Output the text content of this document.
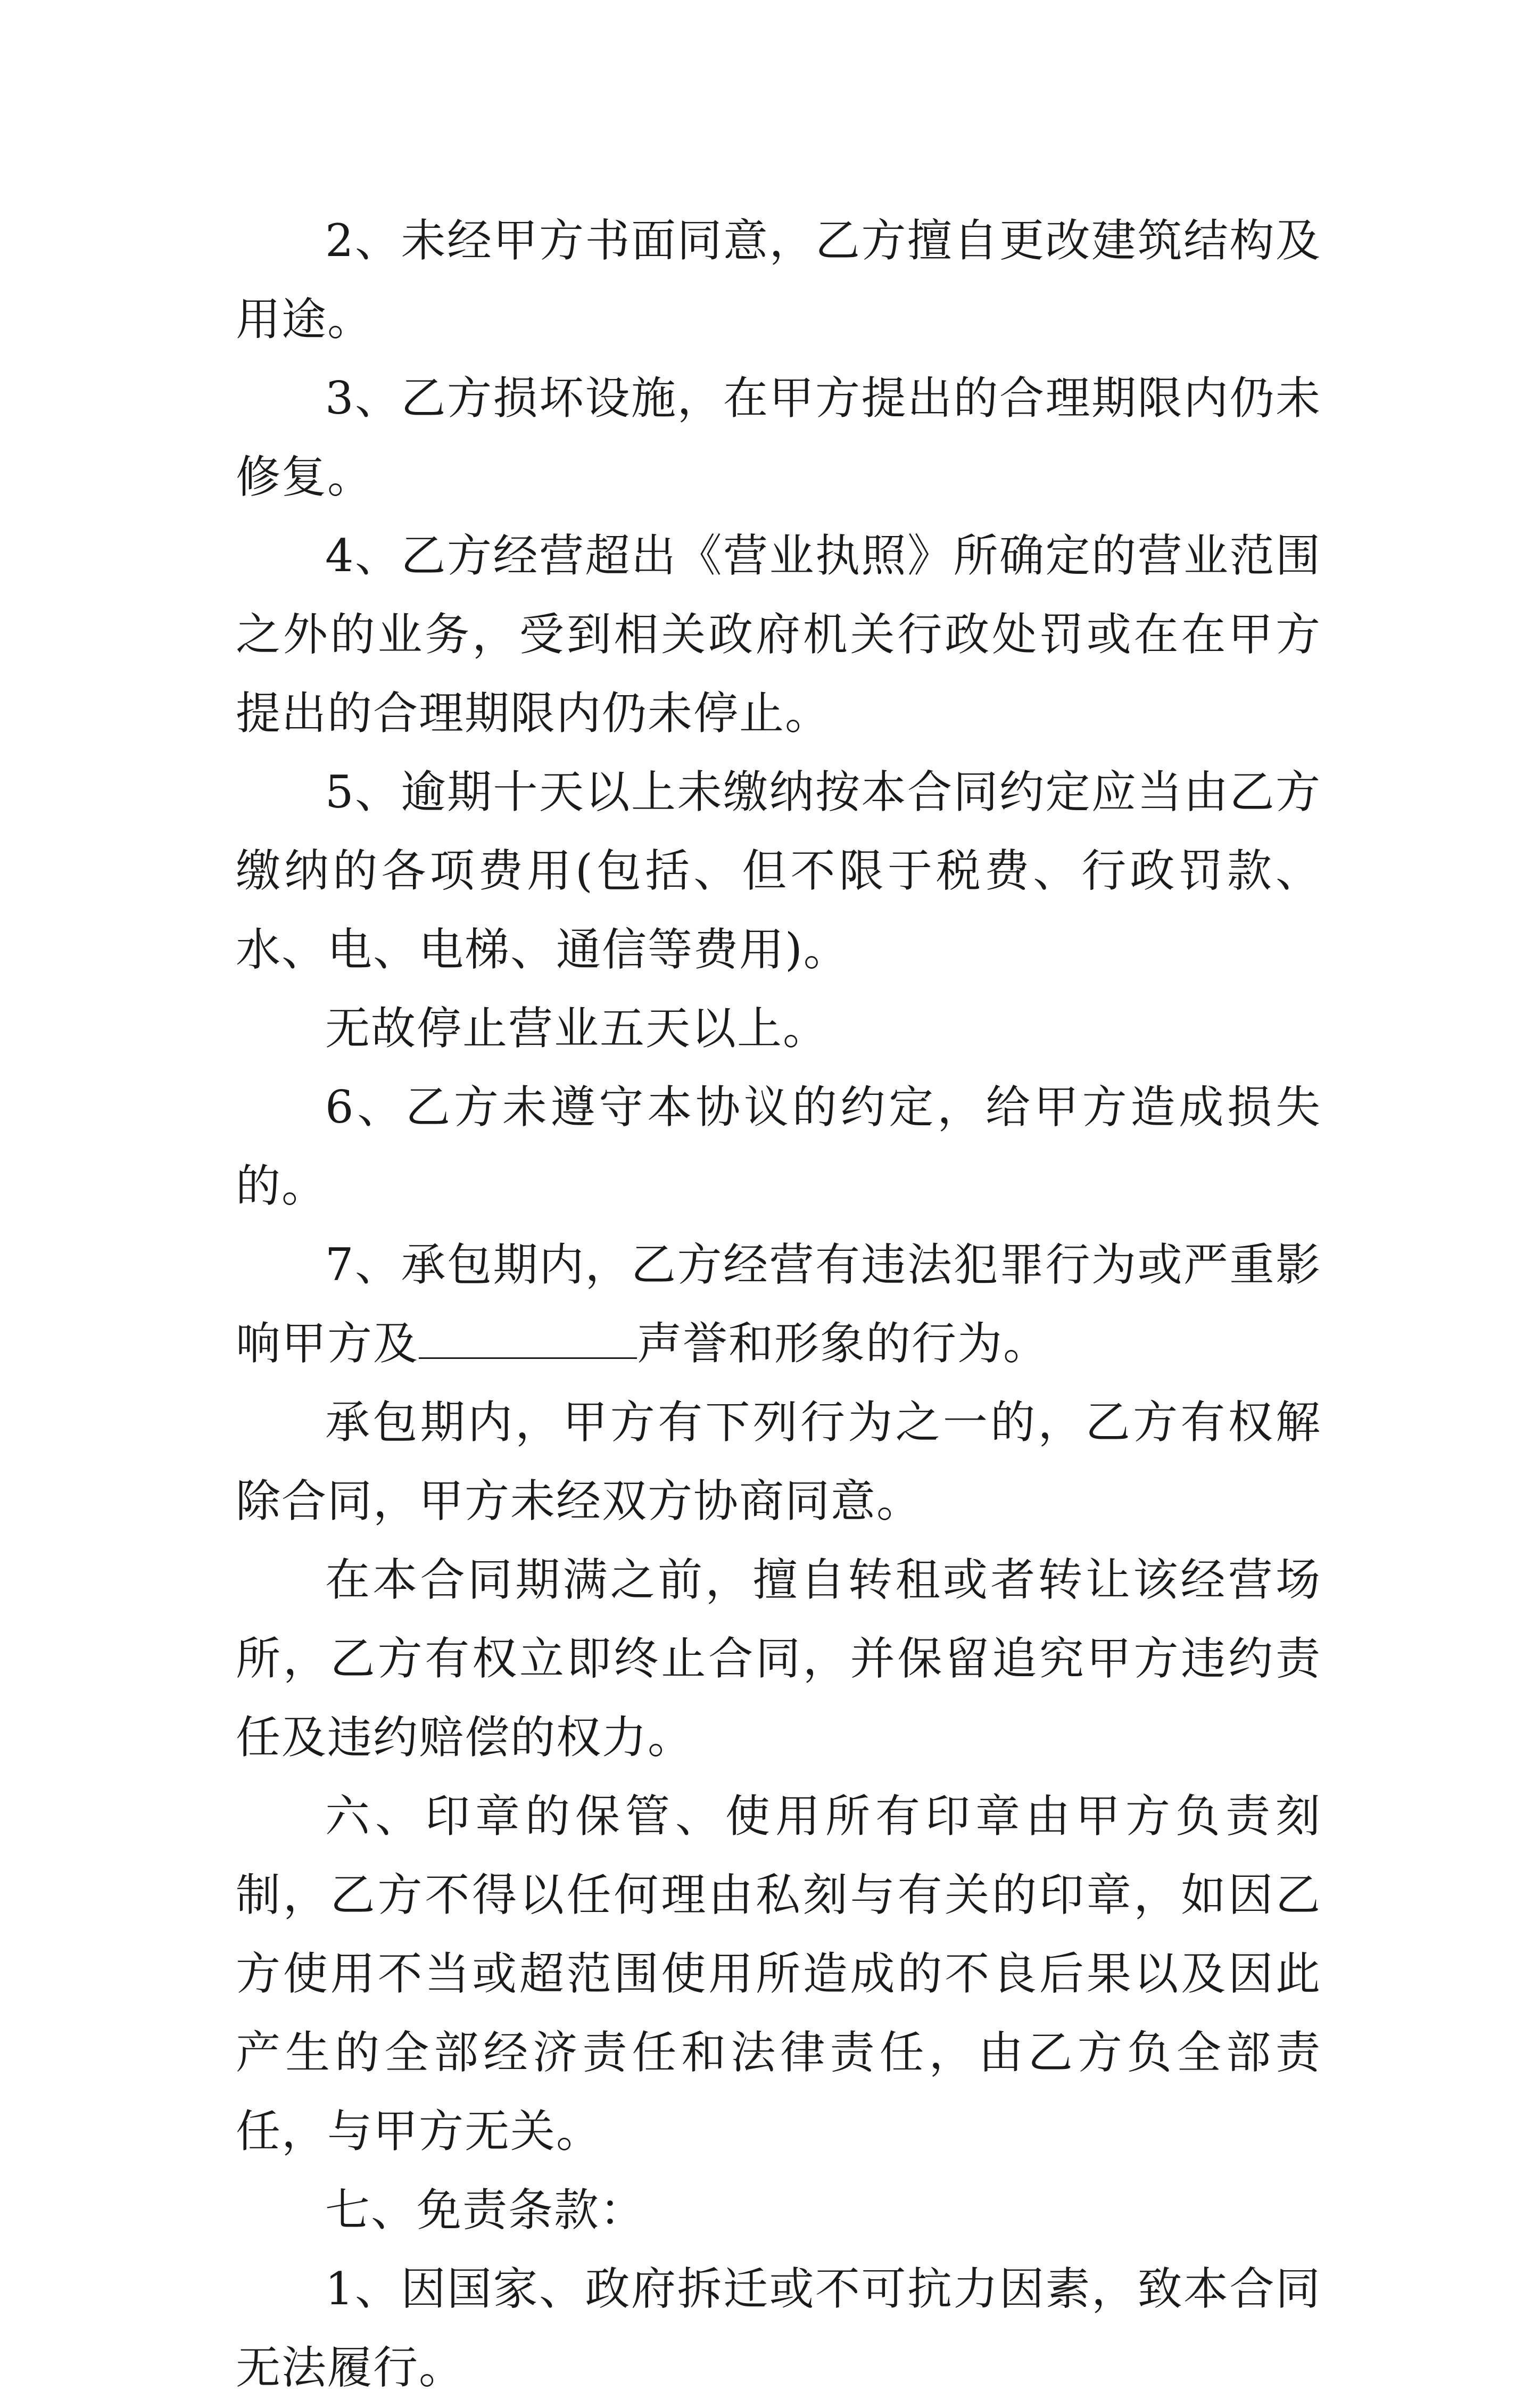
2、未经甲方书面同意，乙方擅自更改建筑结构及用途。

3、乙方损坏设施，在甲方提出的合理期限内仍未修复。

4、乙方经营超出《营业执照》所确定的营业范围之外的业务，受到相关政府机关行政处罚或在在甲方提出的合理期限内仍未停止。

5、逾期十天以上未缴纳按本合同约定应当由乙方缴纳的各项费用(包括、但不限于税费、行政罚款、水、电、电梯、通信等费用)。

无故停止营业五天以上。

6、乙方未遵守本协议的约定，给甲方造成损失的。

7、承包期内，乙方经营有违法犯罪行为或严重影响甲方及	声誉和形象的行为。

承包期内，甲方有下列行为之一的，乙方有权解除合同，甲方未经双方协商同意。

在本合同期满之前，擅自转租或者转让该经营场所，乙方有权立即终止合同，并保留追究甲方违约责任及违约赔偿的权力。

六、印章的保管、使用所有印章由甲方负责刻制，乙方不得以任何理由私刻与有关的印章，如因乙方使用不当或超范围使用所造成的不良后果以及因此产生的全部经济责任和法律责任，由乙方负全部责任，与甲方无关。

七、免责条款：

1、因国家、政府拆迁或不可抗力因素，致本合同无法履行。
